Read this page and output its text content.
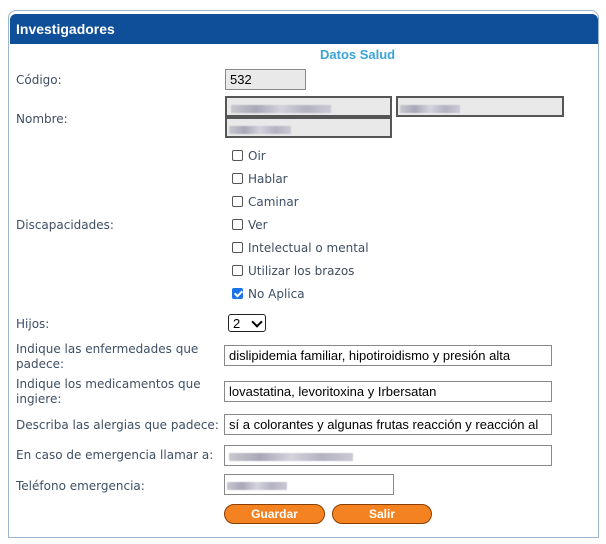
Investigadores
Datos Salud
Código:	532
Nombre:
Discapacidades:
Oir
Hablar
Caminar
Ver
Intelectual o mental
Utilizar los brazos
No Aplica
Hijos:	2
Indique las enfermedades que padece:
dislipidemia familiar, hipotiroidismo y presión alta
Indique los medicamentos que ingiere:	lovastatina, levoritoxina y Irbersatan
Describa las alergias que padece: sí a colorantes y algunas frutas reacción y reacción al
En caso de emergencia llamar a:
Teléfono emergencia:
Guardar	Salir
